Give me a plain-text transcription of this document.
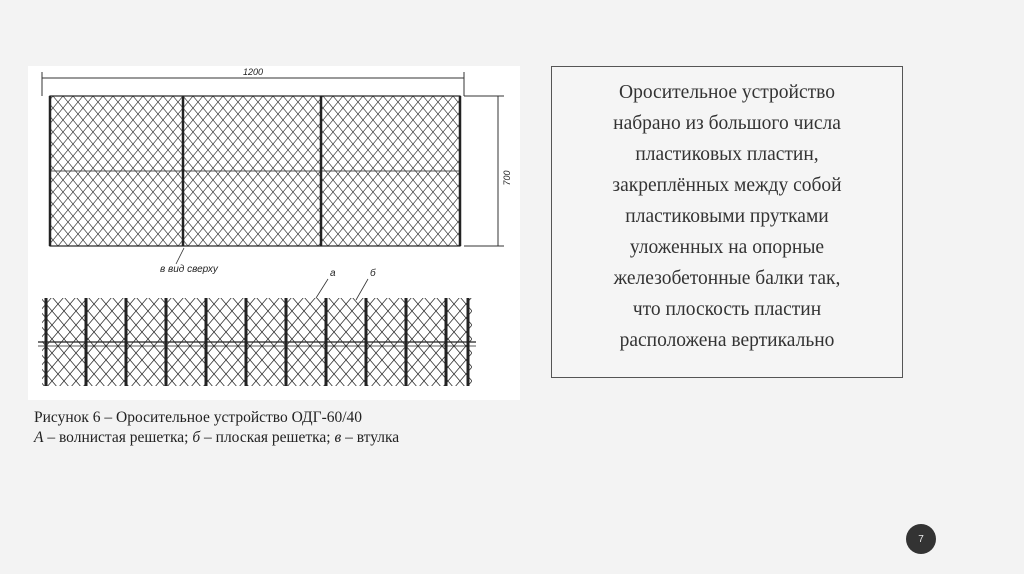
1200
700
в вид сверху	а	б
Рисунок 6 – Оросительное устройство ОДГ-60/40
А – волнистая решетка; б – плоская решетка; в – втулка
Оросительное устройство
набрано из большого числа
пластиковых пластин,
закреплённых между собой
пластиковыми прутками
уложенных на опорные
железобетонные балки так,
что плоскость пластин
расположена вертикально
7
